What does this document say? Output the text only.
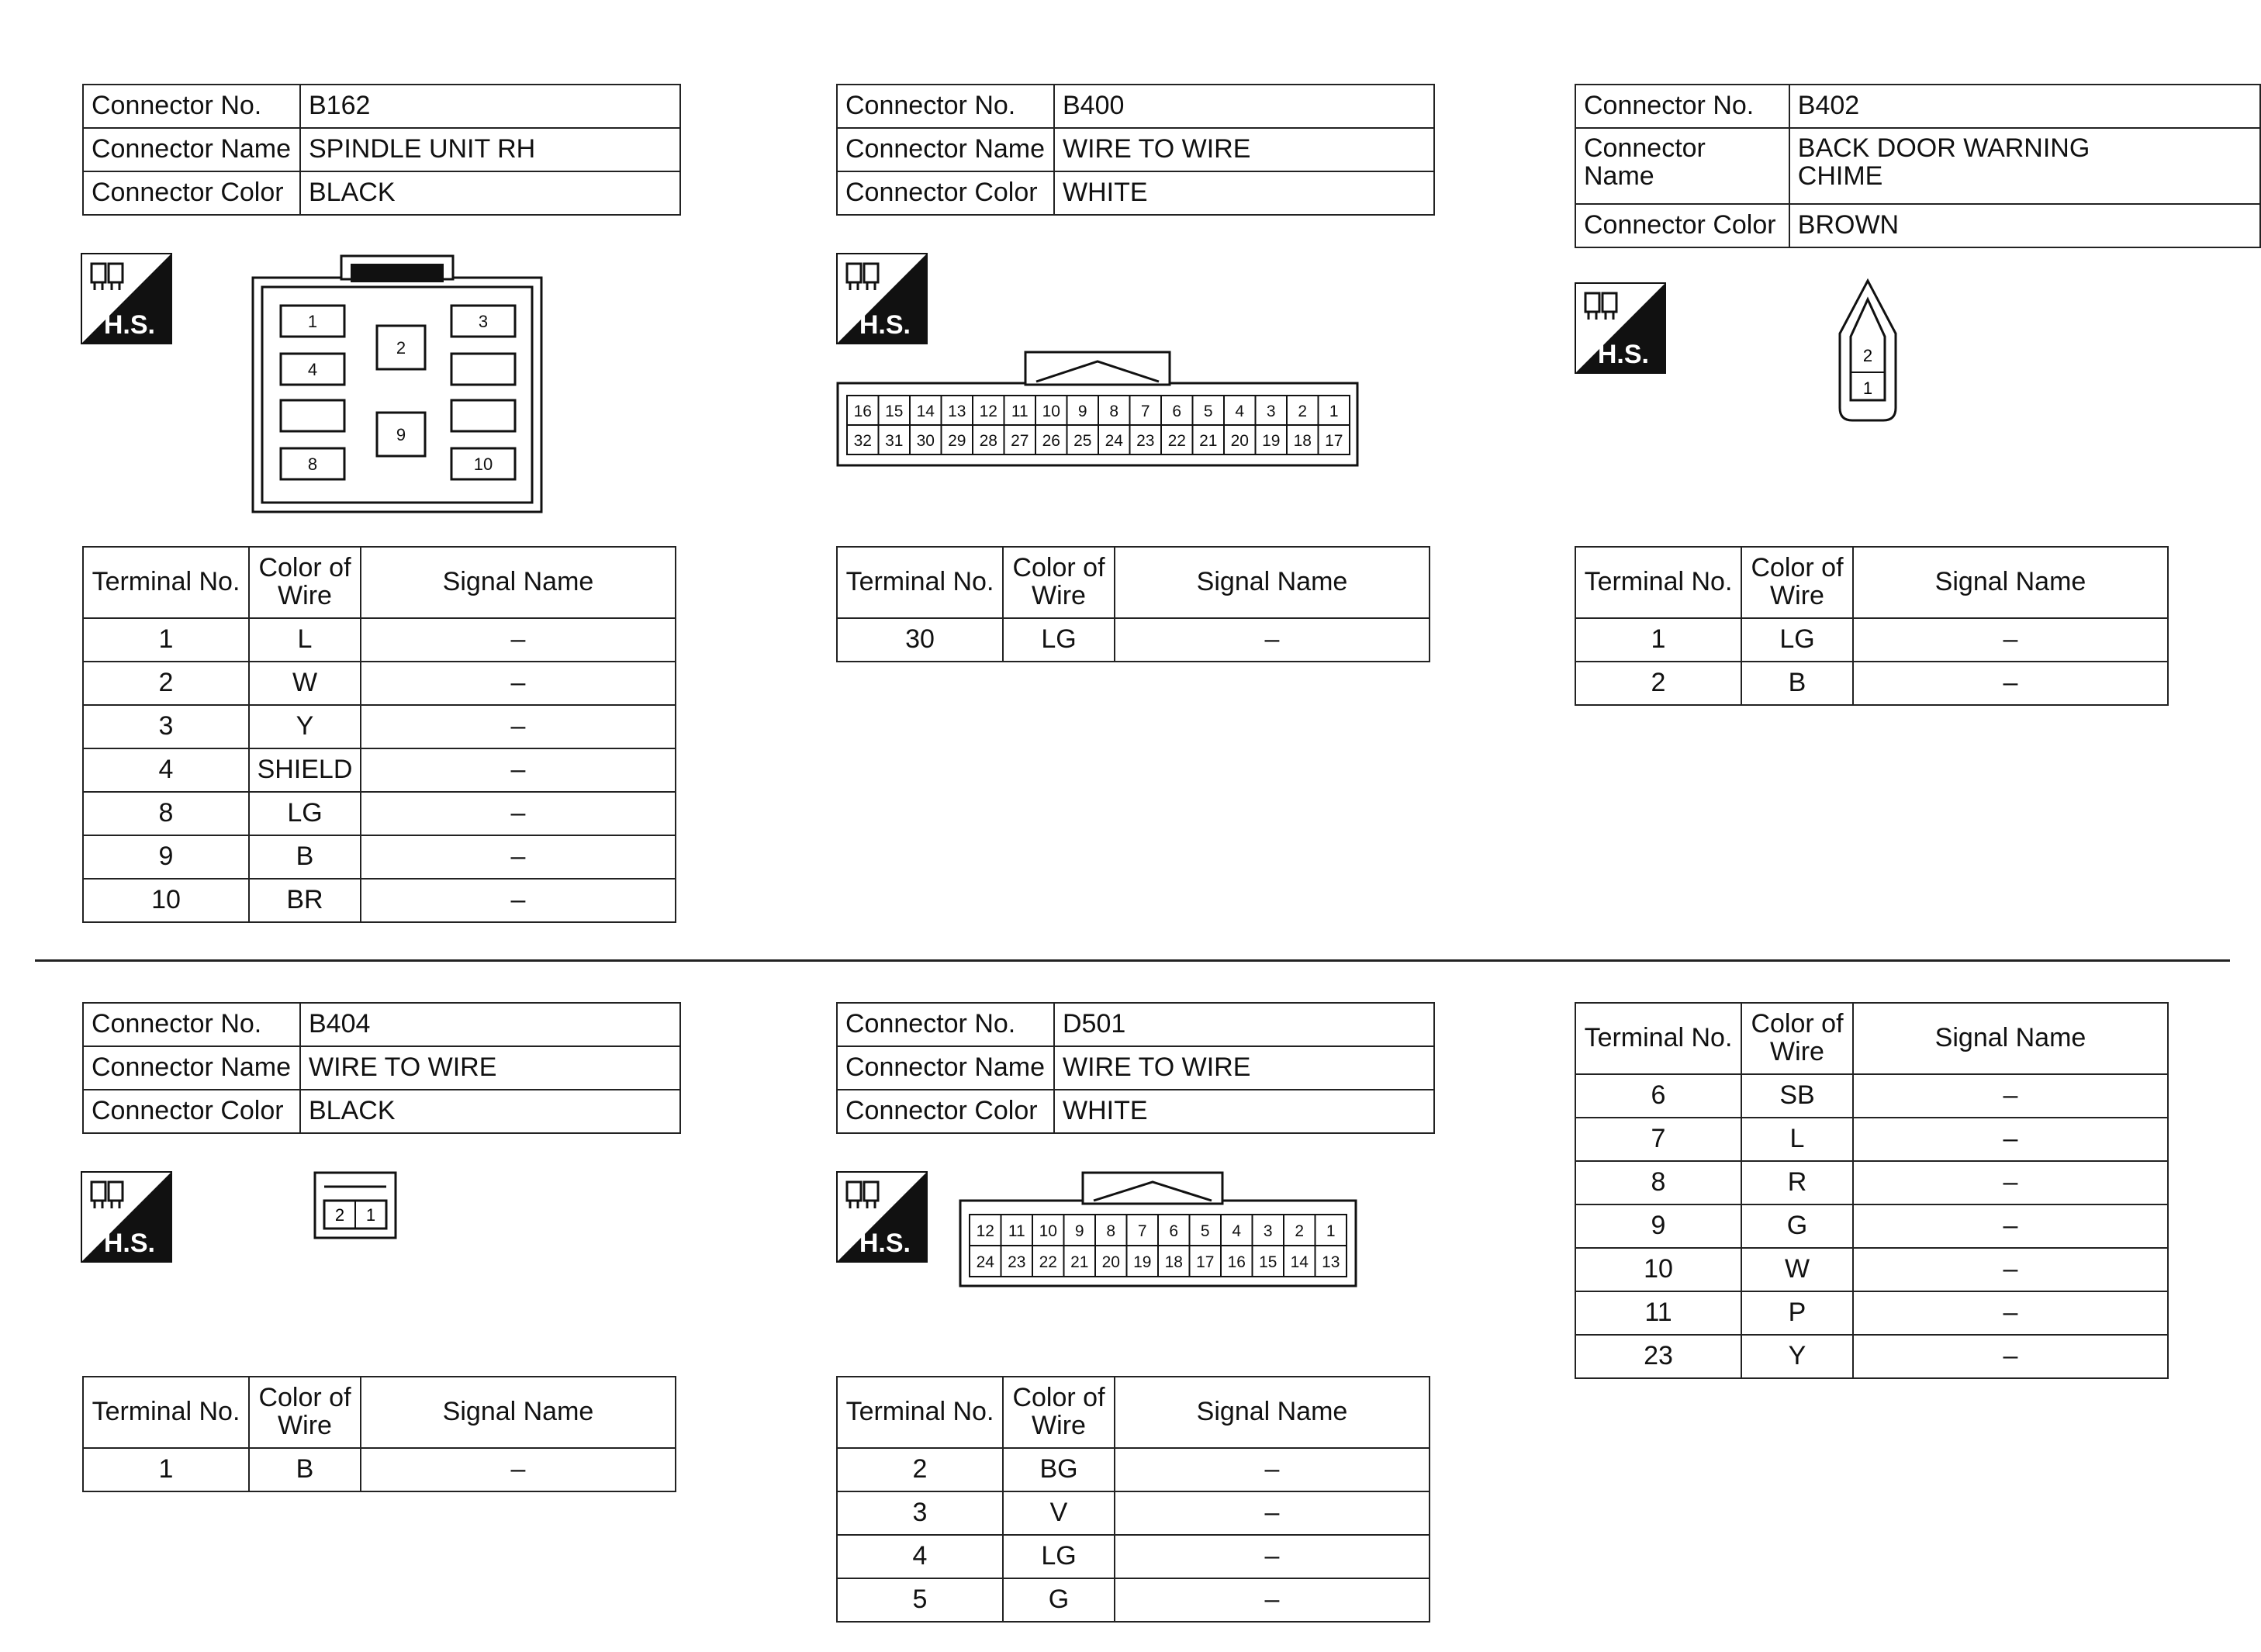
Connector No.	B162
Connector Name	SPINDLE UNIT RH
Connector Color	BLACK
H.S.	1
2
3
4
9
8	10
Terminal No.	Color of Wire	Signal Name
1	L	–
2	W	–
3	Y	–
4	SHIELD	–
8	LG	–
9	B	–
10	BR	–
Connector No.	B400
Connector Name	WIRE TO WIRE
Connector Color	WHITE
H.S.
16 15 14 13 12 11 10 9 8 7 6 5 4 3 2 1
32 31 30 29 28 27 26 25 24 23 22 21 20 19 18 17
Terminal No.	Color of Wire	Signal Name
30	LG	–
Connector No.	B402
Connector Name	BACK DOOR WARNING CHIME
Connector Color	BROWN
H.S.	2
1
Terminal No.	Color of Wire	Signal Name
1	LG	–
2	B	–
Connector No.	B404
Connector Name	WIRE TO WIRE
Connector Color	BLACK
H.S.
2 1
Terminal No.	Color of Wire	Signal Name
1	B	–
Connector No.	D501
Connector Name	WIRE TO WIRE
Connector Color	WHITE
H.S.	12 11 10 9 8 7 6 5 4 3 2 1
24 23 22 21 20 19 18 17 16 15 14 13
Terminal No.	Color of Wire	Signal Name
2	BG	–
3	V	–
4	LG	–
5	G	–
Terminal No.	Color of Wire	Signal Name
6	SB	–
7	L	–
8	R	–
9	G	–
10	W	–
11	P	–
23	Y	–
